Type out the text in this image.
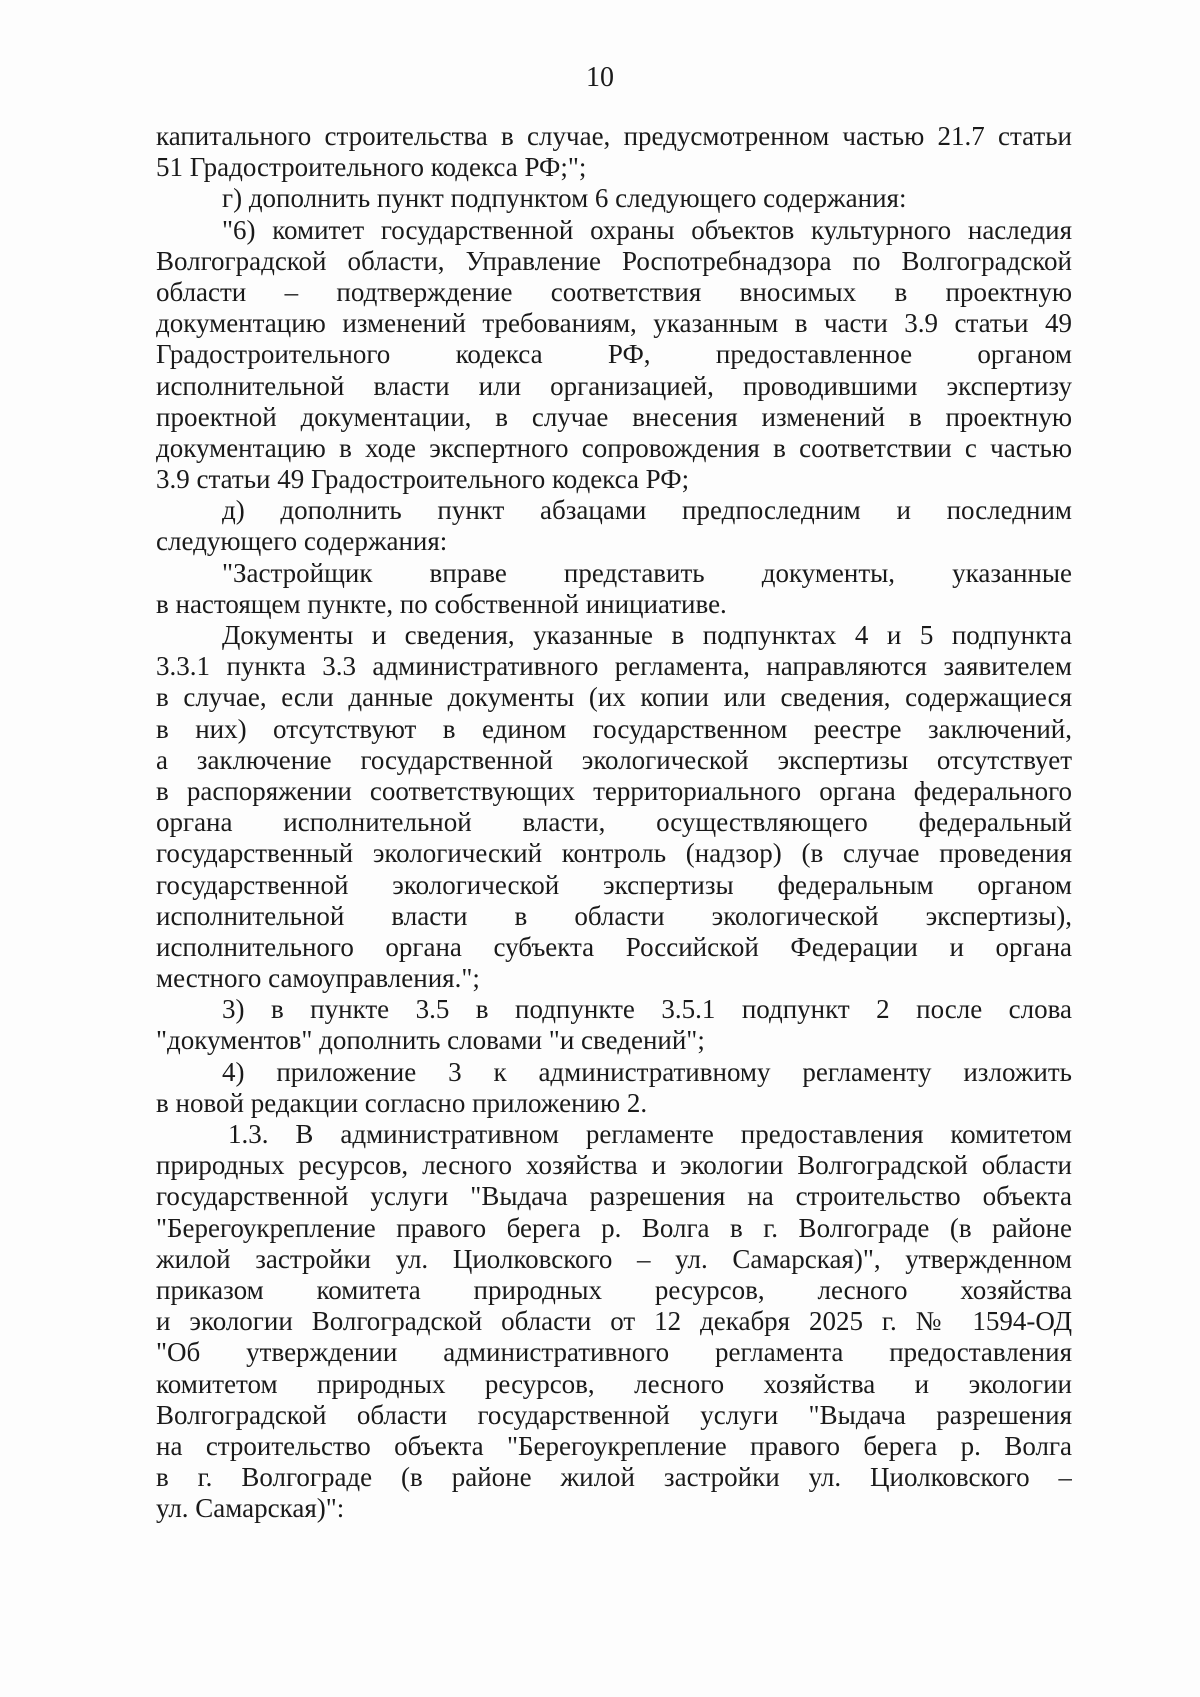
10
капитального строительства в случае, предусмотренном частью 21.7 статьи
51 Градостроительного кодекса РФ;";
г) дополнить пункт подпунктом 6 следующего содержания:
"6) комитет государственной охраны объектов культурного наследия
Волгоградской области, Управление Роспотребнадзора по Волгоградской
области – подтверждение соответствия вносимых в проектную
документацию изменений требованиям, указанным в части 3.9 статьи 49
Градостроительного кодекса РФ, предоставленное органом
исполнительной власти или организацией, проводившими экспертизу
проектной документации, в случае внесения изменений в проектную
документацию в ходе экспертного сопровождения в соответствии с частью
3.9 статьи 49 Градостроительного кодекса РФ;
д) дополнить пункт абзацами предпоследним и последним
следующего содержания:
"Застройщик вправе представить документы, указанные
в настоящем пункте, по собственной инициативе.
Документы и сведения, указанные в подпунктах 4 и 5 подпункта
3.3.1 пункта 3.3 административного регламента, направляются заявителем
в случае, если данные документы (их копии или сведения, содержащиеся
в них) отсутствуют в едином государственном реестре заключений,
а заключение государственной экологической экспертизы отсутствует
в распоряжении соответствующих территориального органа федерального
органа исполнительной власти, осуществляющего федеральный
государственный экологический контроль (надзор) (в случае проведения
государственной экологической экспертизы федеральным органом
исполнительной власти в области экологической экспертизы),
исполнительного органа субъекта Российской Федерации и органа
местного самоуправления.";
3) в пункте 3.5 в подпункте 3.5.1 подпункт 2 после слова
"документов" дополнить словами "и сведений";
4) приложение 3 к административному регламенту изложить
в новой редакции согласно приложению 2.
1.3. В административном регламенте предоставления комитетом
природных ресурсов, лесного хозяйства и экологии Волгоградской области
государственной услуги "Выдача разрешения на строительство объекта
"Берегоукрепление правого берега р. Волга в г. Волгограде (в районе
жилой застройки ул. Циолковского – ул. Самарская)", утвержденном
приказом комитета природных ресурсов, лесного хозяйства
и экологии Волгоградской области от 12 декабря 2025 г. № 1594-ОД
"Об утверждении административного регламента предоставления
комитетом природных ресурсов, лесного хозяйства и экологии
Волгоградской области государственной услуги "Выдача разрешения
на строительство объекта "Берегоукрепление правого берега р. Волга
в г. Волгограде (в районе жилой застройки ул. Циолковского –
ул. Самарская)":
